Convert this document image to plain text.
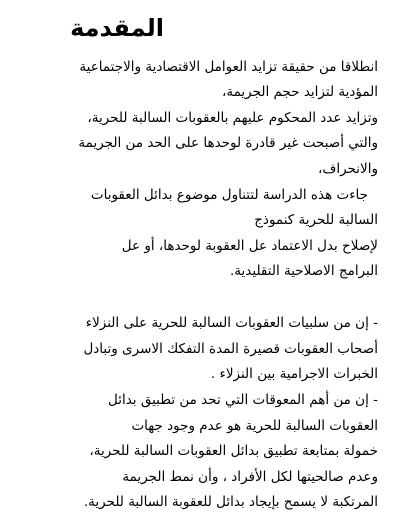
المقدمة

انطلاقا من حقيقة تزايد العوامل الاقتصادية والاجتماعية

المؤدية لتزايد حجم الجريمة،

وتزايد عدد المحكوم عليهم بالعقوبات السالبة للحرية،

والتي أصبحت غير قادرة لوحدها على الحد من الجريمة

والانحراف،

جاءت هذه الدراسة لتتناول موضوع بدائل العقوبات

السالبة للحرية كنموذج

لإصلاح بدل الاعتماد عل العقوبة لوحدها، أو عل

البرامج الاصلاحية التقليدية.

- إن من سلبيات العقوبات السالبة للحرية على النزلاء

أصحاب العقوبات قصيرة المدة التفكك الاسرى وتبادل

الخبرات الاجرامية بين النزلاء .

- إن من أهم المعوقات التي تحد من تطبيق بدائل

العقوبات السالبة للحرية هو عدم وجود جهات

خمولة بمتابعة تطبيق بدائل العقوبات السالبة للحرية،

وعدم صالحيتها لكل الأفراد ، وأن نمط الجريمة

المرتكبة لا يسمح بإيجاد بدائل للعقوبة السالبة للحرية.
